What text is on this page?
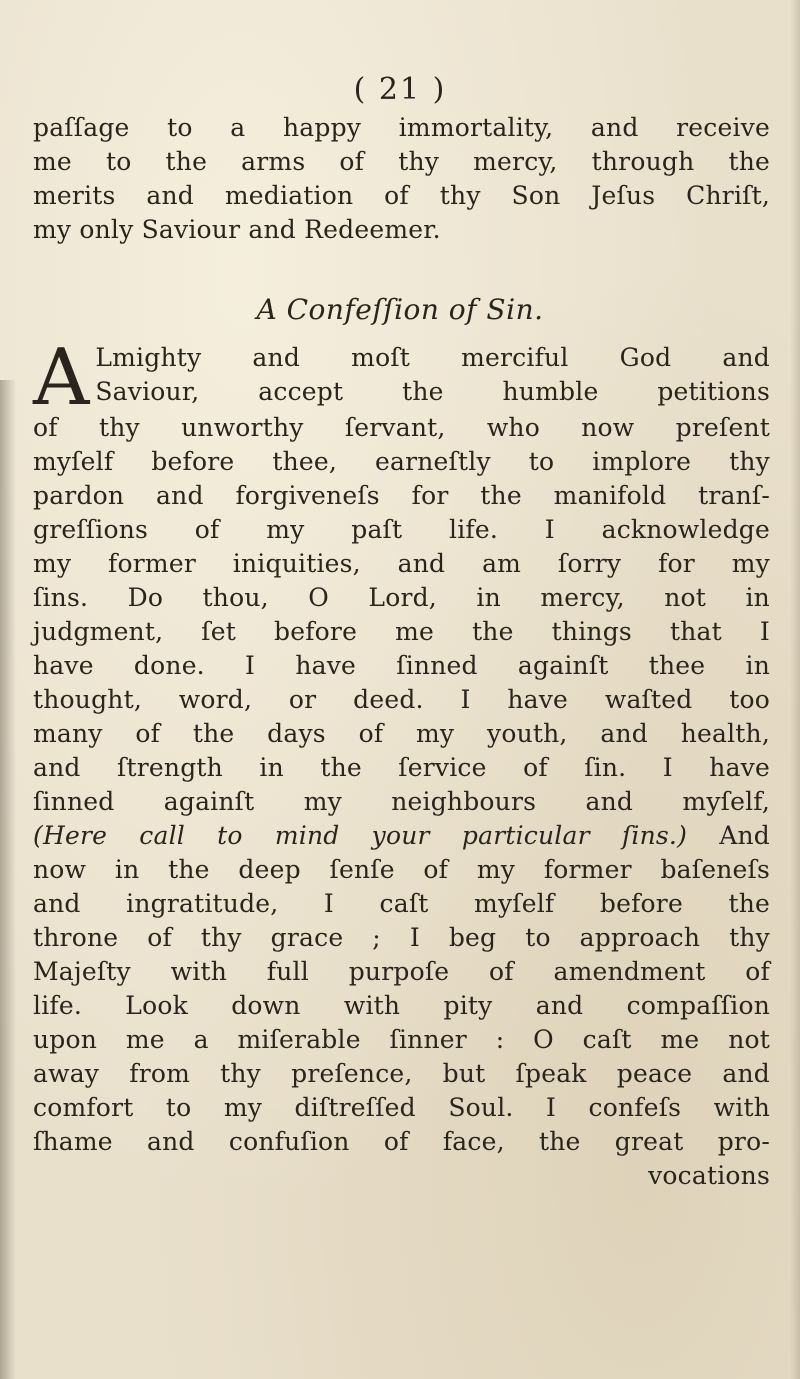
( 21 )
paſſage to a happy immortality, and receive
me to the arms of thy mercy, through the
merits and mediation of thy Son Jeſus Chriſt,
my only Saviour and Redeemer.
A Confeſſion of Sin.
A Lmighty and moſt merciful God and
Saviour, accept the humble petitions
of thy unworthy ſervant, who now preſent
myſelf before thee, earneſtly to implore thy
pardon and forgiveneſs for the manifold tranſ-
greſſions of my paſt life. I acknowledge
my former iniquities, and am ſorry for my
ſins. Do thou, O Lord, in mercy, not in
judgment, ſet before me the things that I
have done. I have ſinned againſt thee in
thought, word, or deed. I have waſted too
many of the days of my youth, and health,
and ſtrength in the ſervice of ſin. I have
ſinned againſt my neighbours and myſelf,
(Here call to mind your particular ſins.) And
now in the deep ſenſe of my former baſeneſs
and ingratitude, I caſt myſelf before the
throne of thy grace ; I beg to approach thy
Majeſty with full purpoſe of amendment of
life. Look down with pity and compaſſion
upon me a miſerable ſinner : O caſt me not
away from thy preſence, but ſpeak peace and
comfort to my diſtreſſed Soul. I confeſs with
ſhame and confuſion of face, the great pro-
vocations
